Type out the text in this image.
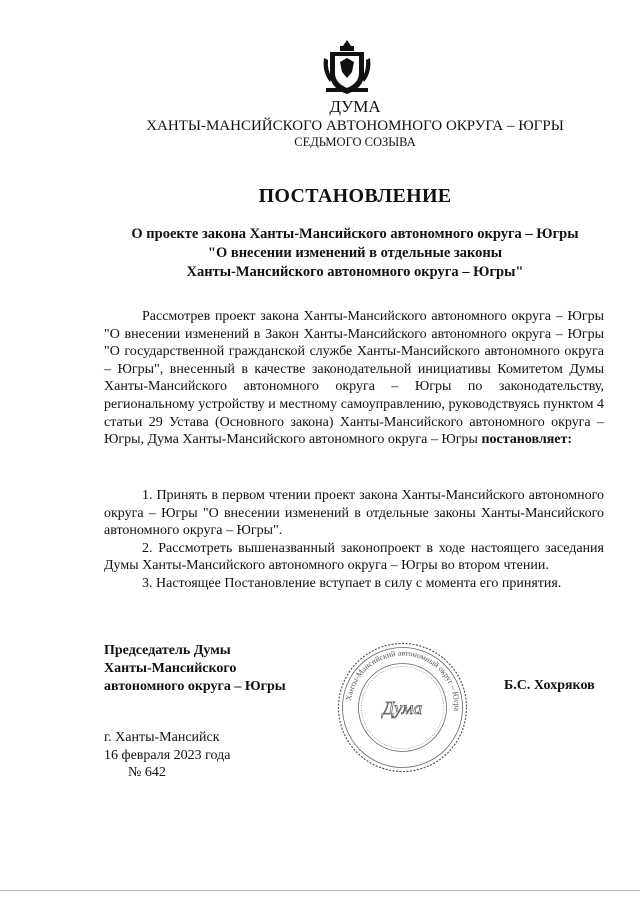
ДУМА
ХАНТЫ-МАНСИЙСКОГО АВТОНОМНОГО ОКРУГА – ЮГРЫ
СЕДЬМОГО СОЗЫВА
ПОСТАНОВЛЕНИЕ
О проекте закона Ханты-Мансийского автономного округа – Югры
"О внесении изменений в отдельные законы
Ханты-Мансийского автономного округа – Югры"

Рассмотрев проект закона Ханты-Мансийского автономного округа – Югры "О внесении изменений в Закон Ханты-Мансийского автономного округа – Югры "О государственной гражданской службе Ханты-Мансийского автономного округа – Югры", внесенный в качестве законодательной инициативы Комитетом Думы Ханты-Мансийского автономного округа – Югры по законодательству, региональному устройству и местному самоуправлению, руководствуясь пунктом 4 статьи 29 Устава (Основного закона) Ханты-Мансийского автономного округа – Югры, Дума Ханты-Мансийского автономного округа – Югры постановляет:

1. Принять в первом чтении проект закона Ханты-Мансийского автономного округа – Югры "О внесении изменений в отдельные законы Ханты-Мансийского автономного округа – Югры".

2. Рассмотреть вышеназванный законопроект в ходе настоящего заседания Думы Ханты-Мансийского автономного округа – Югры во втором чтении.

3. Настоящее Постановление вступает в силу с момента его принятия.

Председатель Думы
Ханты-Мансийского
автономного округа – Югры
Ханты-Мансийский автономный округ – Югра
Дума
Б.С. Хохряков
г. Ханты-Мансийск
16 февраля 2023 года
№ 642
